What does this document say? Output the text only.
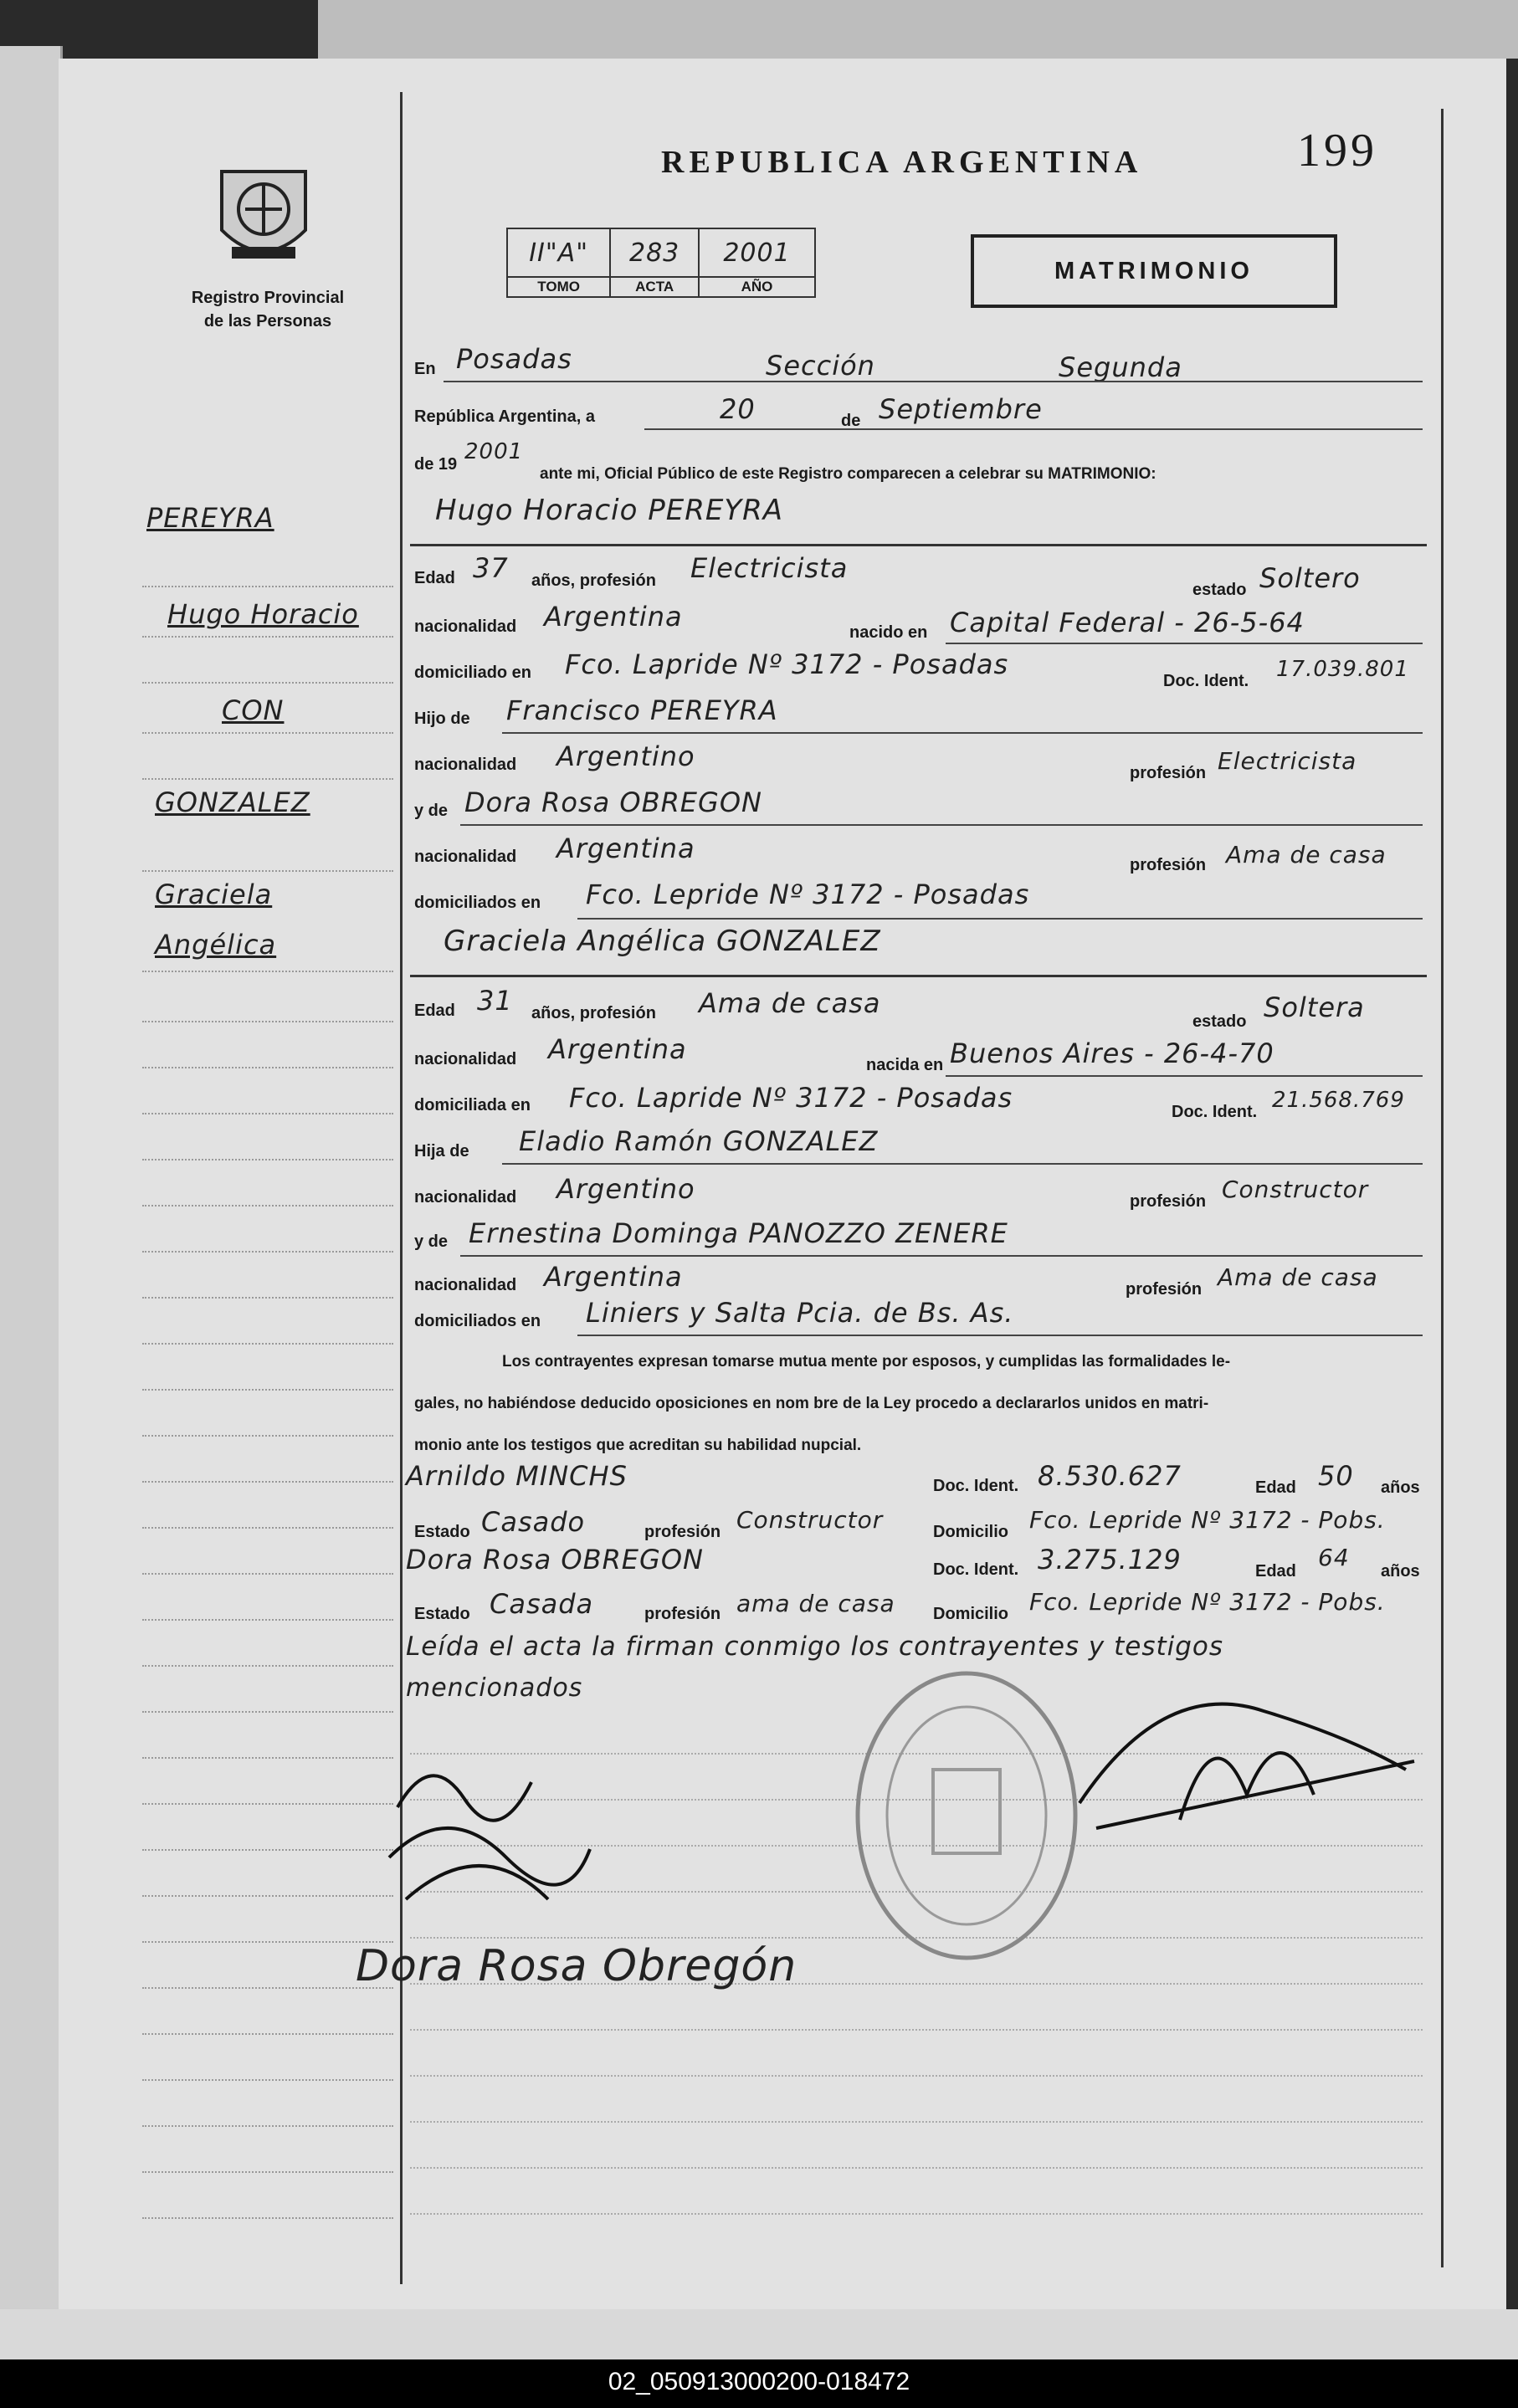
Registro Provincial
de las Personas
REPUBLICA ARGENTINA	199
II"A"	283	2001
TOMO	ACTA	AÑO
MATRIMONIO
PEREYRA
Hugo Horacio
CON
GONZALEZ
Graciela
Angélica
En Posadas	Sección	Segunda
República Argentina, a	20	de Septiembre
de 19 2001
ante mi, Oficial Público de este Registro comparecen a celebrar su MATRIMONIO:
Hugo Horacio PEREYRA
Edad 37 años, profesión Electricista
estado Soltero
nacionalidad Argentina	nacido en Capital Federal - 26-5-64
domiciliado en Fco. Lapride Nº 3172 - Posadas
Doc. Ident. 17.039.801
Hijo de Francisco PEREYRA
nacionalidad Argentino
profesión Electricista
y de Dora Rosa OBREGON
nacionalidad Argentina
profesión Ama de casa
domiciliados en Fco. Lepride Nº 3172 - Posadas
Graciela Angélica GONZALEZ
Edad 31 años, profesión Ama de casa
estado Soltera
nacionalidad Argentina	nacida en Buenos Aires - 26-4-70
domiciliada en Fco. Lapride Nº 3172 - Posadas	Doc. Ident. 21.568.769
Hija de Eladio Ramón GONZALEZ
nacionalidad Argentino	profesión Constructor
y de Ernestina Dominga PANOZZO ZENERE
nacionalidad Argentina	profesión Ama de casa
domiciliados en Liniers y Salta Pcia. de Bs. As.
Los contrayentes expresan tomarse mutua mente por esposos, y cumplidas las formalidades le-
gales, no habiéndose deducido oposiciones en nom bre de la Ley procedo a declararlos unidos en matri-
monio ante los testigos que acreditan su habilidad nupcial.
Arnildo MINCHS	Doc. Ident. 8.530.627	Edad 50 años
Estado Casado	profesión Constructor	Domicilio Fco. Lepride Nº 3172 - Pobs.
Dora Rosa OBREGON	Doc. Ident. 3.275.129	Edad 64 años
Estado Casada	profesión ama de casa Domicilio Fco. Lepride Nº 3172 - Pobs.
Leída el acta la firman conmigo los contrayentes y testigos
mencionados
Dora Rosa Obregón
02_050913000200-018472
